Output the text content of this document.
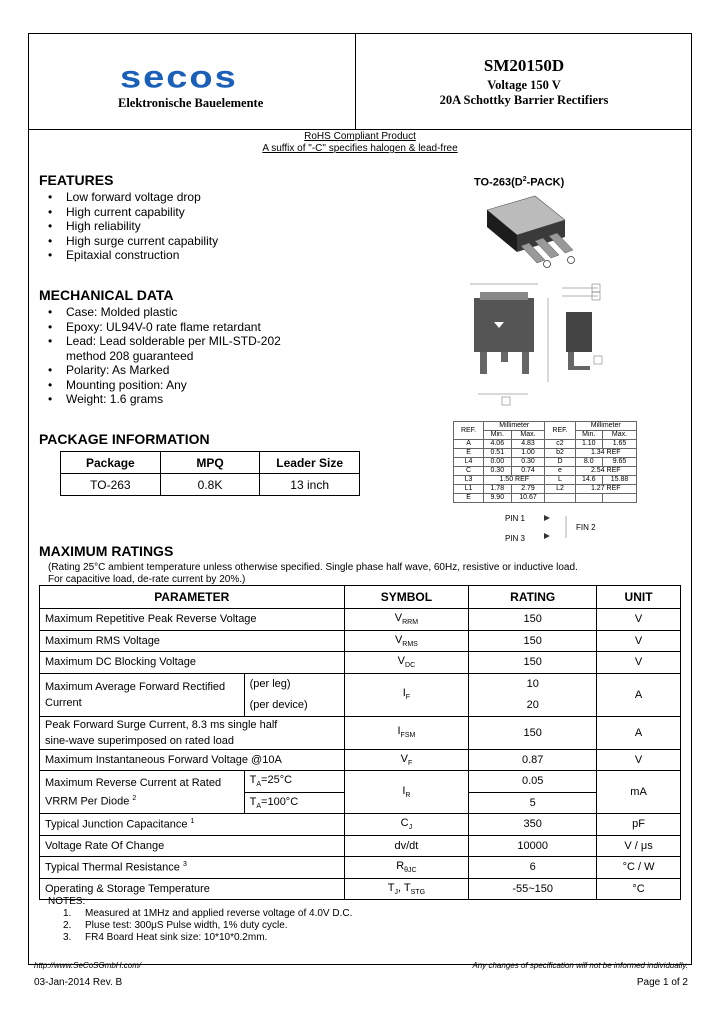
secos
Elektronische Bauelemente
SM20150D
Voltage 150 V
20A Schottky Barrier Rectifiers
RoHS Compliant Product
A suffix of "-C" specifies halogen & lead-free
FEATURES
• Low forward voltage drop
• High current capability
• High reliability
• High surge current capability
• Epitaxial construction
MECHANICAL DATA
• Case: Molded plastic
• Epoxy: UL94V-0 rate flame retardant
• Lead: Lead solderable per MIL-STD-202
method 208 guaranteed
• Polarity: As Marked
• Mounting position: Any
• Weight: 1.6 grams
PACKAGE INFORMATION
Package	MPQ	Leader Size
TO-263	0.8K	13 inch
$TO-263(D^2-PACK)$
REF.	Millimeter		REF.	Millimeter	
	Min.	Max.		Min.	Max.
A	4.06	4.83	c2	1.10	1.65
E	0.51	1.00	b2	1.34 REF	
L4	0.00	0.30	D	8.0	9.65
C	0.30	0.74	e	2.54 REF	
L3	1.50 REF		L	14.6	15.88
L1	1.78	2.79	L2	1.27 REF	
E	9.90	10.67			
PIN 1
PIN 3
FIN 2
MAXIMUM RATINGS
(Rating 25°C ambient temperature unless otherwise specified. Single phase half wave, 60Hz, resistive or inductive load.
For capacitive load, de-rate current by 20%.)
PARAMETER		SYMBOL	RATING	UNIT
Maximum Repetitive Peak Reverse Voltage		$V_{RRM}$	150	V
Maximum RMS Voltage		$V_{RMS}$	150	V
Maximum DC Blocking Voltage		$V_{DC}$	150	V

Maximum Average Forward Rectified
Current	(per leg)	$I_F$	10	A
	(per device)		20	

Peak Forward Surge Current, 8.3 ms single half
sine-wave superimposed on rated load		$I_{FSM}$	150	A
Maximum Instantaneous Forward Voltage @10A		$V_F$	0.87	V

Maximum Reverse Current at Rated
VRRM Per Diode $^2$	$T_A=25^\circ C$	$I_R$	0.05	mA
	$T_A=100^\circ C$		5	
Typical Junction Capacitance $^1$		$C_J$	350	pF
Voltage Rate Of Change		dv/dt	10000	V / μs
Typical Thermal Resistance $^3$		$R_{\theta JC}$	6	°C / W
Operating & Storage Temperature		$T_J$, $T_{STG}$	-55~150	°C
NOTES:
1. Measured at 1MHz and applied reverse voltage of 4.0V D.C.
2. Pluse test: 300μS Pulse width, 1% duty cycle.
3. FR4 Board Heat sink size: 10*10*0.2mm.
http://www.SeCoSGmbH.com/	Any changes of specification will not be informed individually.
03-Jan-2014 Rev. B	Page 1 of 2
